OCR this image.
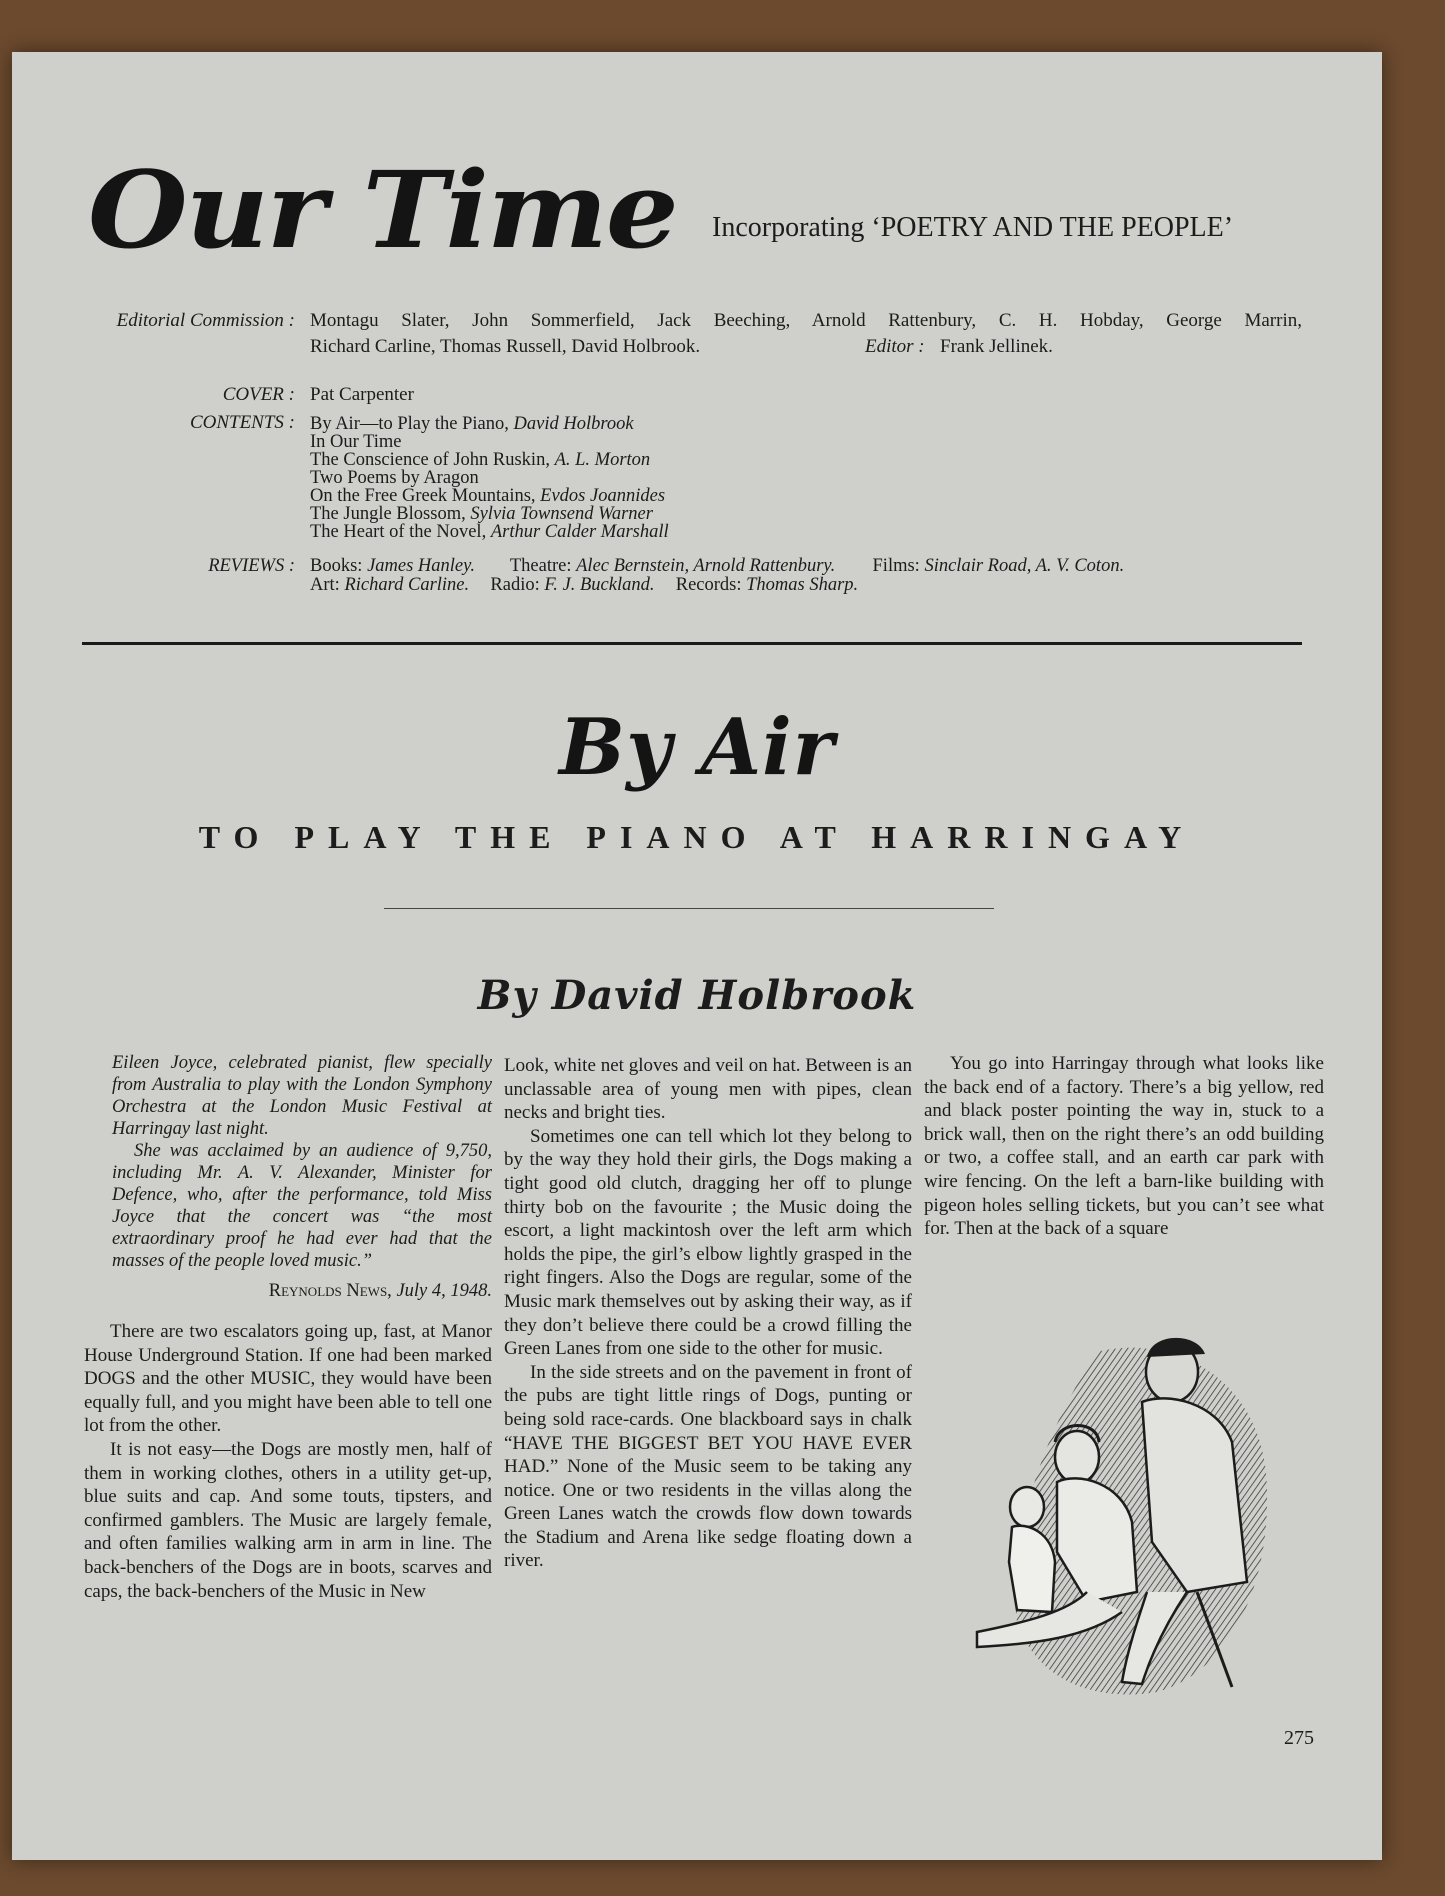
Our Time Incorporating ‘POETRY AND THE PEOPLE’
Editorial Commission : Montagu Slater, John Sommerfield, Jack Beeching, Arnold Rattenbury, C. H. Hobday, George Marrin,
Richard Carline, Thomas Russell, David Holbrook.	Editor : Frank Jellinek.
COVER : Pat Carpenter
CONTENTS : By Air—to Play the Piano, David Holbrook
In Our Time
The Conscience of John Ruskin, A. L. Morton
Two Poems by Aragon
On the Free Greek Mountains, Evdos Joannides
The Jungle Blossom, Sylvia Townsend Warner
The Heart of the Novel, Arthur Calder Marshall
REVIEWS : Books: James Hanley. Theatre: Alec Bernstein, Arnold Rattenbury. Films: Sinclair Road, A. V. Coton.
Art: Richard Carline. Radio: F. J. Buckland. Records: Thomas Sharp.
By Air
TO PLAY THE PIANO AT HARRINGAY
By David Holbrook

Eileen Joyce, celebrated pianist, flew specially from Australia to play with the London Symphony Orchestra at the London Music Festival at Harringay last night.

She was acclaimed by an audience of 9,750, including Mr. A. V. Alexander, Minister for Defence, who, after the performance, told Miss Joyce that the concert was “the most extraordinary proof he had ever had that the masses of the people loved music.”

Reynolds News, July 4, 1948.

There are two escalators going up, fast, at Manor House Underground Station. If one had been marked DOGS and the other MUSIC, they would have been equally full, and you might have been able to tell one lot from the other.

It is not easy—the Dogs are mostly men, half of them in working clothes, others in a utility get-up, blue suits and cap. And some touts, tipsters, and confirmed gamblers. The Music are largely female, and often families walking arm in arm in line. The back-benchers of the Dogs are in boots, scarves and caps, the back-benchers of the Music in New

Look, white net gloves and veil on hat. Between is an unclassable area of young men with pipes, clean necks and bright ties.

Sometimes one can tell which lot they belong to by the way they hold their girls, the Dogs making a tight good old clutch, dragging her off to plunge thirty bob on the favourite ; the Music doing the escort, a light mackintosh over the left arm which holds the pipe, the girl’s elbow lightly grasped in the right fingers. Also the Dogs are regular, some of the Music mark themselves out by asking their way, as if they don’t believe there could be a crowd filling the Green Lanes from one side to the other for music.

In the side streets and on the pavement in front of the pubs are tight little rings of Dogs, punting or being sold race-cards. One blackboard says in chalk “HAVE THE BIGGEST BET YOU HAVE EVER HAD.” None of the Music seem to be taking any notice. One or two residents in the villas along the Green Lanes watch the crowds flow down towards the Stadium and Arena like sedge floating down a river.

You go into Harringay through what looks like the back end of a factory. There’s a big yellow, red and black poster pointing the way in, stuck to a brick wall, then on the right there’s an odd building or two, a coffee stall, and an earth car park with wire fencing. On the left a barn-like building with pigeon holes selling tickets, but you can’t see what for. Then at the back of a square

275
